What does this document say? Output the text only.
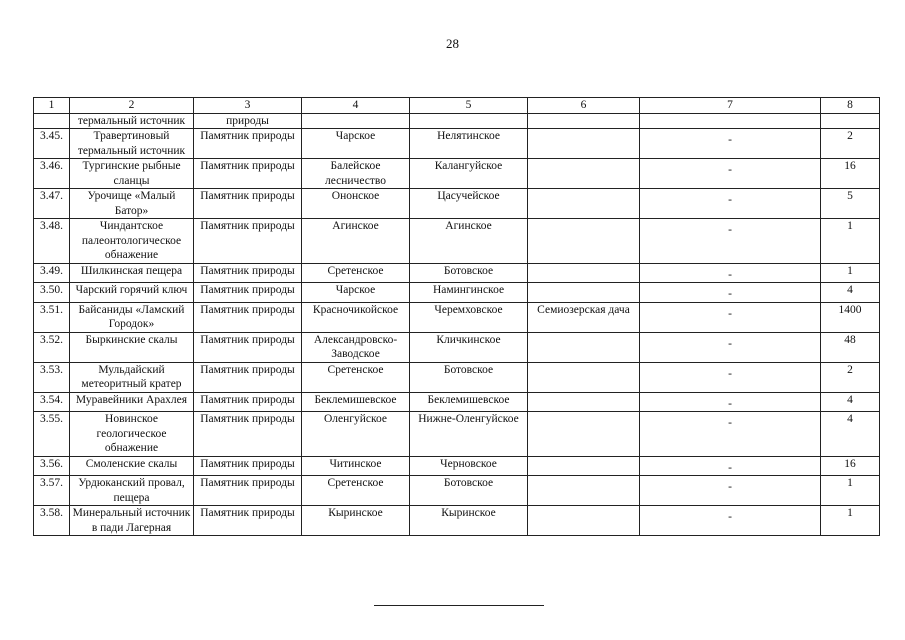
28
1	2	3	4	5	6	7	8
	термальный источник	природы					
3.45.	Травертиновый термальный источник	Памятник природы	Чарское	Нелятинское		-	2
3.46.	Тургинские рыбные сланцы	Памятник природы	Балейское лесничество	Калангуйское		-	16
3.47.	Урочище «Малый Батор»	Памятник природы	Ононское	Цасучейское		-	5
3.48.	Чиндантское палеонтологическое обнажение	Памятник природы	Агинское	Агинское		-	1
3.49.	Шилкинская пещера	Памятник природы	Сретенское	Ботовское		-	1
3.50.	Чарский горячий ключ	Памятник природы	Чарское	Намингинское		-	4
3.51.	Байсаниды «Ламский Городок»	Памятник природы	Красночикойское	Черемховское	Семиозерская дача	-	1400
3.52.	Быркинские скалы	Памятник природы	Александровско-Заводское	Кличкинское		-	48
3.53.	Мульдайский метеоритный кратер	Памятник природы	Сретенское	Ботовское		-	2
3.54.	Муравейники Арахлея	Памятник природы	Беклемишевское	Беклемишевское		-	4
3.55.	Новинское геологическое обнажение	Памятник природы	Оленгуйское	Нижне-Оленгуйское		-	4
3.56.	Смоленские скалы	Памятник природы	Читинское	Черновское		-	16
3.57.	Урдюканский провал, пещера	Памятник природы	Сретенское	Ботовское		-	1
3.58.	Минеральный источник в пади Лагерная	Памятник природы	Кыринское	Кыринское		-	1
